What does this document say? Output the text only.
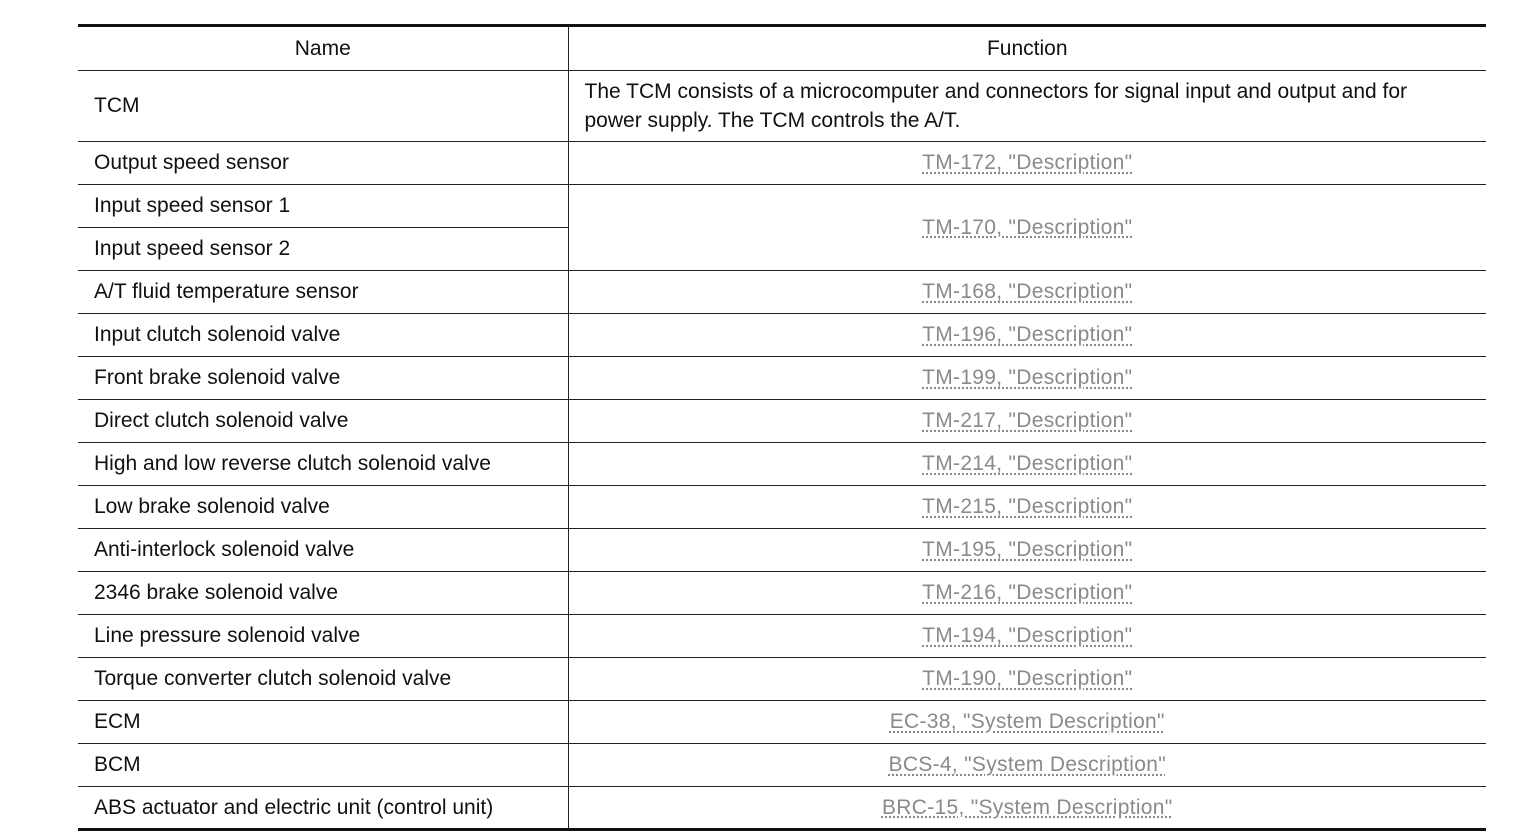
Name	Function
TCM	The TCM consists of a microcomputer and connectors for signal input and output and for power supply. The TCM controls the A/T.
Output speed sensor	TM-172, "Description"
Input speed sensor 1	TM-170, "Description"
Input speed sensor 2	
A/T fluid temperature sensor	TM-168, "Description"
Input clutch solenoid valve	TM-196, "Description"
Front brake solenoid valve	TM-199, "Description"
Direct clutch solenoid valve	TM-217, "Description"
High and low reverse clutch solenoid valve	TM-214, "Description"
Low brake solenoid valve	TM-215, "Description"
Anti-interlock solenoid valve	TM-195, "Description"
2346 brake solenoid valve	TM-216, "Description"
Line pressure solenoid valve	TM-194, "Description"
Torque converter clutch solenoid valve	TM-190, "Description"
ECM	EC-38, "System Description"
BCM	BCS-4, "System Description"
ABS actuator and electric unit (control unit)	BRC-15, "System Description"
